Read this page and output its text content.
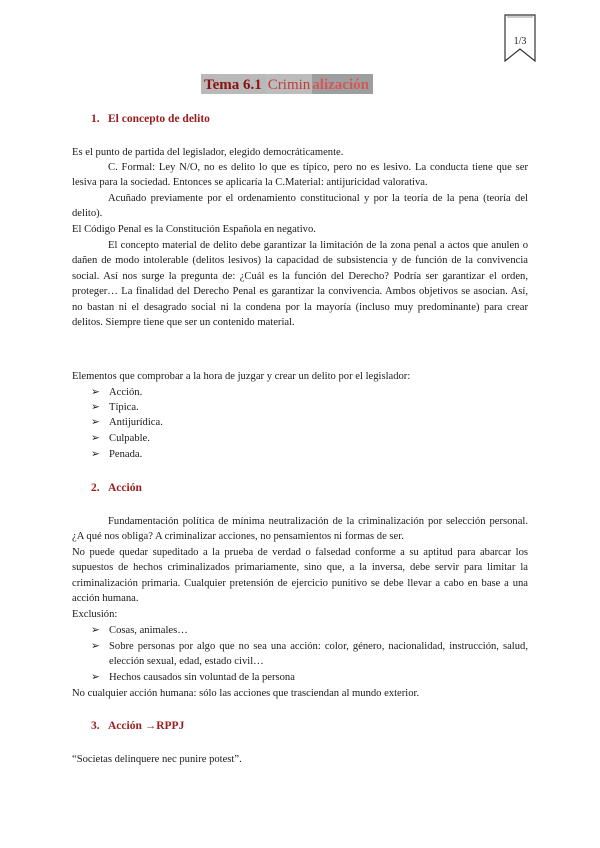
1/3
Tema 6.1 Crimin alización
1. El concepto de delito

Es el punto de partida del legislador, elegido democráticamente.

C. Formal: Ley N/O, no es delito lo que es típico, pero no es lesivo. La conducta tiene que ser lesiva para la sociedad. Entonces se aplicaría la C.Material: antijuricidad valorativa.

Acuñado previamente por el ordenamiento constitucional y por la teoría de la pena (teoría del delito).

El Código Penal es la Constitución Española en negativo.

El concepto material de delito debe garantizar la limitación de la zona penal a actos que anulen o dañen de modo intolerable (delitos lesivos) la capacidad de subsistencia y de función de la convivencia social. Así nos surge la pregunta de: ¿Cuál es la función del Derecho? Podría ser garantizar el orden, proteger… La finalidad del Derecho Penal es garantizar la convivencia. Ambos objetivos se asocian. Así, no bastan ni el desagrado social ni la condena por la mayoría (incluso muy predominante) para crear delitos. Siempre tiene que ser un contenido material.

Elementos que comprobar a la hora de juzgar y crear un delito por el legislador:

➢ Acción.
➢ Típica.
➢ Antijurídica.
➢ Culpable.
➢ Penada.
2. Acción

Fundamentación política de mínima neutralización de la criminalización por selección personal. ¿A qué nos obliga? A criminalizar acciones, no pensamientos ni formas de ser.

No puede quedar supeditado a la prueba de verdad o falsedad conforme a su aptitud para abarcar los supuestos de hechos criminalizados primariamente, sino que, a la inversa, debe servir para limitar la criminalización primaria. Cualquier pretensión de ejercicio punitivo se debe llevar a cabo en base a una acción humana.

Exclusión:

➢ Cosas, animales…
➢ Sobre personas por algo que no sea una acción: color, género, nacionalidad, instrucción, salud, elección sexual, edad, estado civil…
➢ Hechos causados sin voluntad de la persona

No cualquier acción humana: sólo las acciones que trasciendan al mundo exterior.

3. Acción →RPPJ

“Societas delinquere nec punire potest”.
